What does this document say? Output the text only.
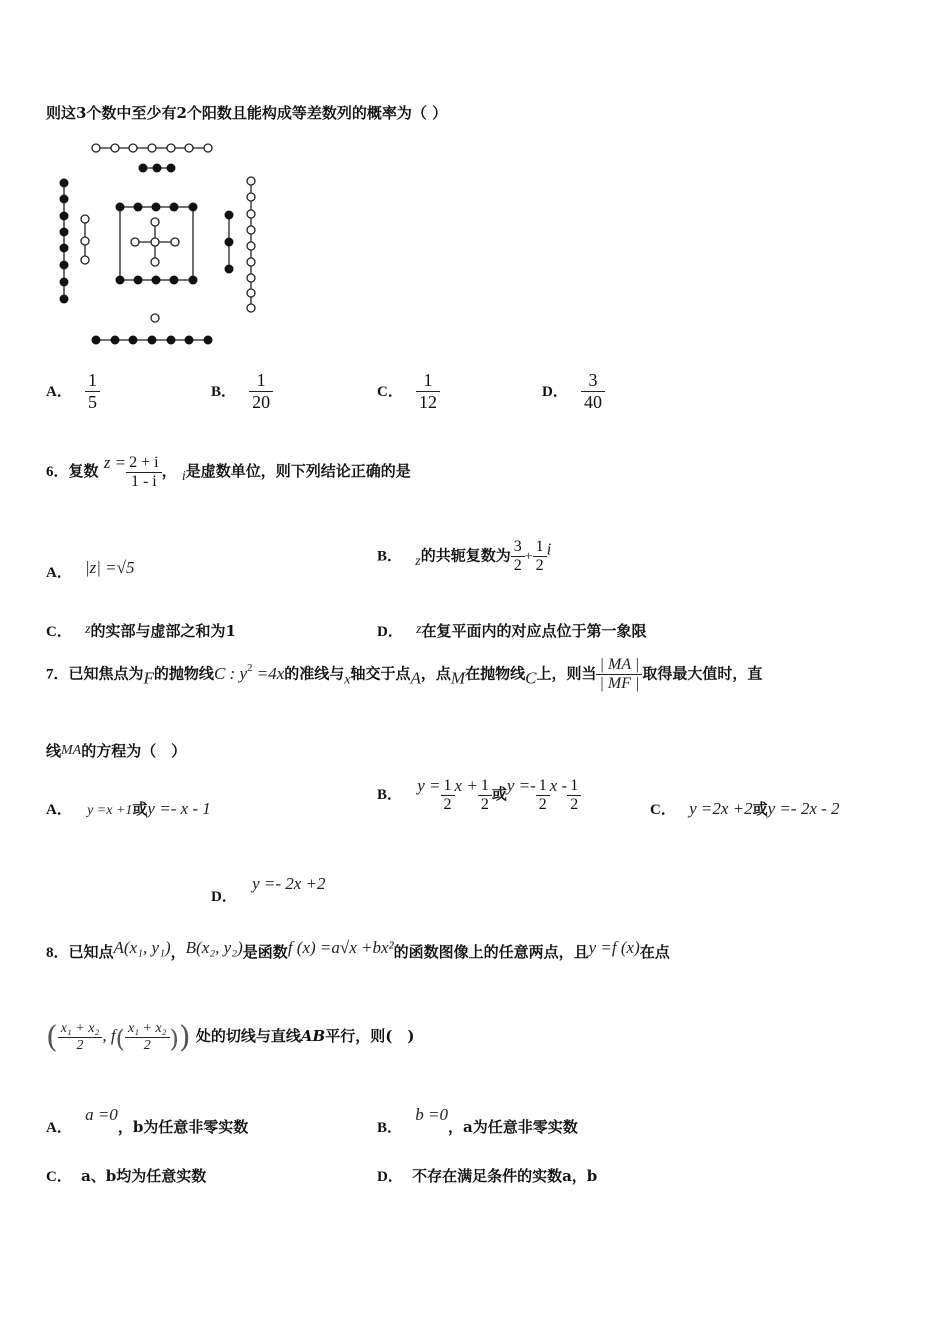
则这3个数中至少有2个阳数且能构成等差数列的概率为（ ）
A． $\frac{1}{5}$	B． $\frac{1}{20}$	C． $\frac{1}{12}$	D． $\frac{3}{40}$
6．复数 $z = \frac{2 + i}{1 - i}$ ， i是虚数单位，则下列结论正确的是
A． |z| =√5
B． z的共轭复数为 $\frac{3}{2} + \frac{1}{2}$ i
C． z的实部与虚部之和为1	D． z在复平面内的对应点位于第一象限
7．已知焦点为F的抛物线C : $y^2 =4x$的准线与x轴交于点A，点M在抛物线C上，则当 $\frac{| MA |}{| MF |}$ 取得最大值时，直
线MA的方程为（　）
A． y =x +1或y =- x - 1
B． $y = \frac{1}{2}$ $x + \frac{1}{2}$ 或$y =- \frac{1}{2}$ x - $\frac{1}{2}$	C． y =2x +2或y =- 2x - 2
D． y =- 2x +2
8．已知点A(x₁, y₁)，B(x₂, y₂)是函数f (x) =a√x +bx²的函数图像上的任意两点，且y =f (x)在点
( $\frac{\text{x₁ + x₂}}{2}$ , $f( \frac{\text{x₁ + x₂}}{2}$ )) 处的切线与直线AB平行，则(　)
A． a =0，b为任意非零实数	B． b =0，a为任意非零实数
C． a、b均为任意实数	D． 不存在满足条件的实数a，b
